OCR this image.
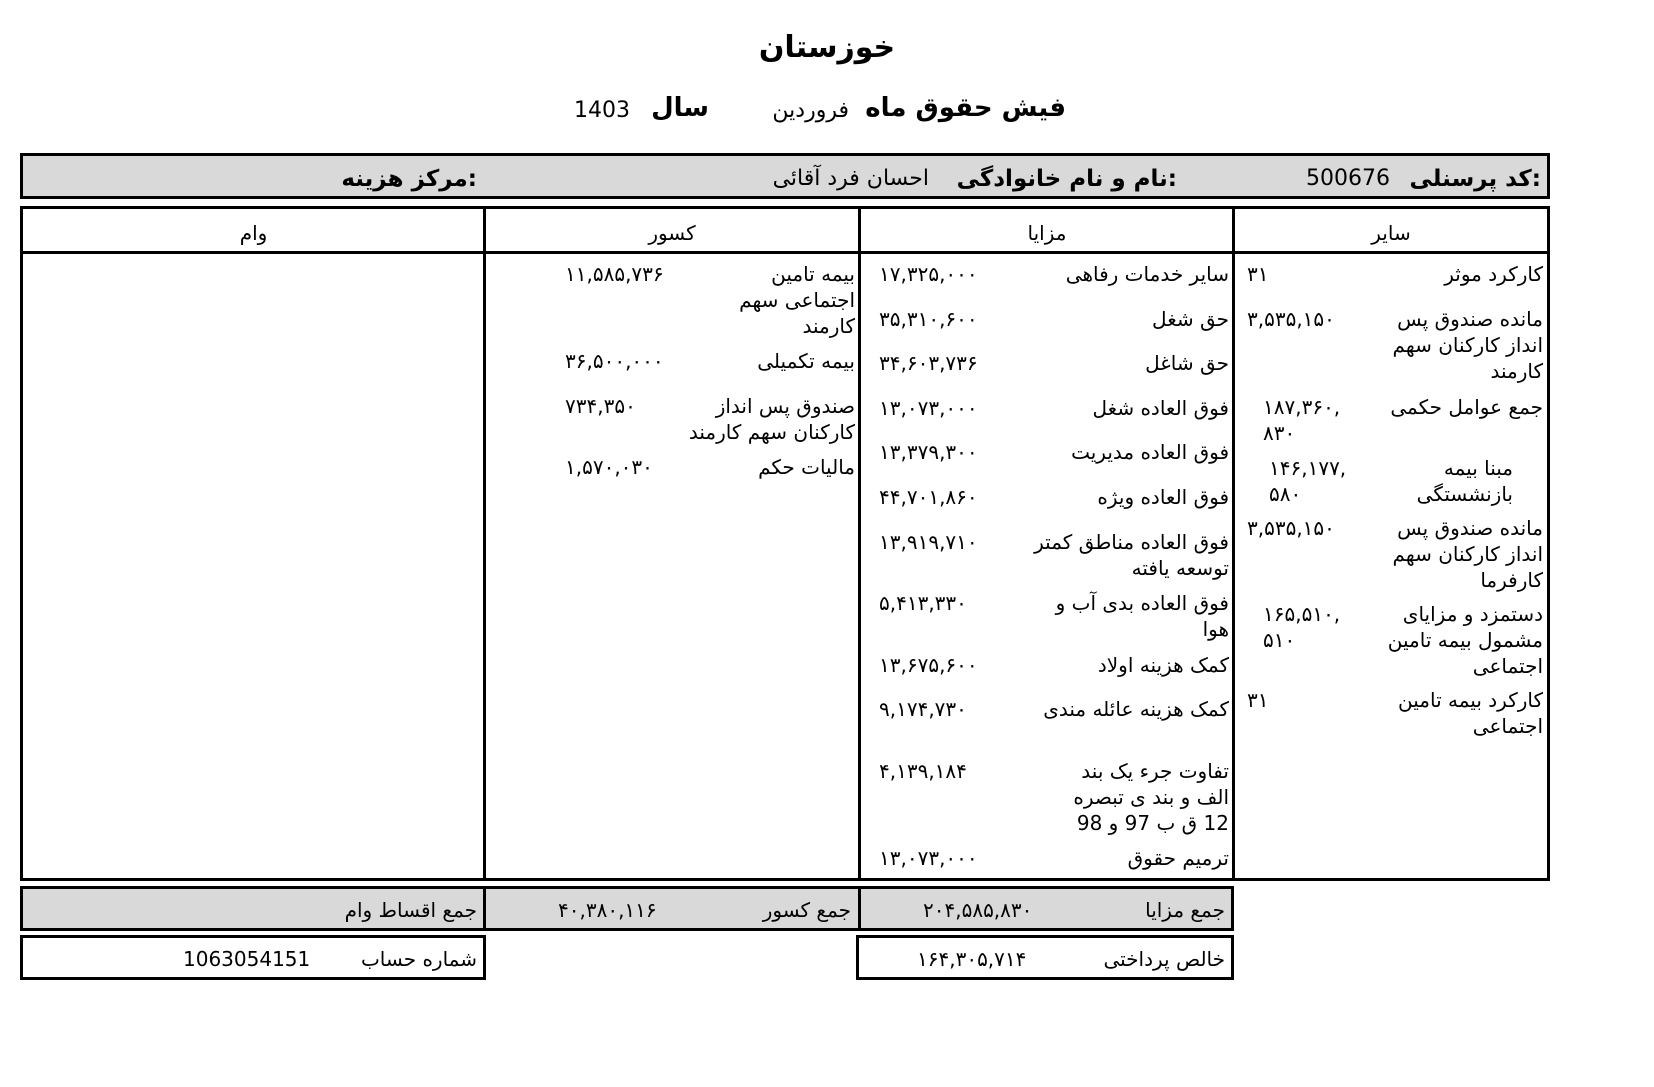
خوزستان
فیش حقوق ماه
فروردین
سال
1403
کد پرسنلی:
500676
نام و نام خانوادگی:
احسان فرد آقائی
مرکز هزینه:
سایر
مزایا
کسور
وام
کارکرد موثر
۳۱
مانده صندوق پس انداز کارکنان سهم کارمند
۳,۵۳۵,۱۵۰
جمع عوامل حکمی
۱۸۷,۳۶۰, ۸۳۰
مبنا بیمه بازنشستگی
۱۴۶,۱۷۷, ۵۸۰
مانده صندوق پس انداز کارکنان سهم کارفرما
۳,۵۳۵,۱۵۰
دستمزد و مزایای مشمول بیمه تامین اجتماعی
۱۶۵,۵۱۰, ۵۱۰
کارکرد بیمه تامین اجتماعی
۳۱
سایر خدمات رفاهی
۱۷,۳۲۵,۰۰۰
حق شغل
۳۵,۳۱۰,۶۰۰
حق شاغل
۳۴,۶۰۳,۷۳۶
فوق العاده شغل
۱۳,۰۷۳,۰۰۰
فوق العاده مدیریت
۱۳,۳۷۹,۳۰۰
فوق العاده ویژه
۴۴,۷۰۱,۸۶۰
فوق العاده مناطق کمتر توسعه یافته
۱۳,۹۱۹,۷۱۰
فوق العاده بدی آب و هوا
۵,۴۱۳,۳۳۰
کمک هزینه اولاد
۱۳,۶۷۵,۶۰۰
کمک هزینه عائله مندی
۹,۱۷۴,۷۳۰
تفاوت جرء یک بند الف و بند ی تبصره 12 ق ب 97 و 98
۴,۱۳۹,۱۸۴
ترمیم حقوق
۱۳,۰۷۳,۰۰۰
بیمه تامین اجتماعی سهم کارمند
۱۱,۵۸۵,۷۳۶
بیمه تکمیلی
۳۶,۵۰۰,۰۰۰
صندوق پس انداز کارکنان سهم کارمند
۷۳۴,۳۵۰
مالیات حکم
۱,۵۷۰,۰۳۰
جمع مزایا
۲۰۴,۵۸۵,۸۳۰
جمع کسور
۴۰,۳۸۰,۱۱۶
جمع اقساط وام
خالص پرداختی
۱۶۴,۳۰۵,۷۱۴
شماره حساب
1063054151
